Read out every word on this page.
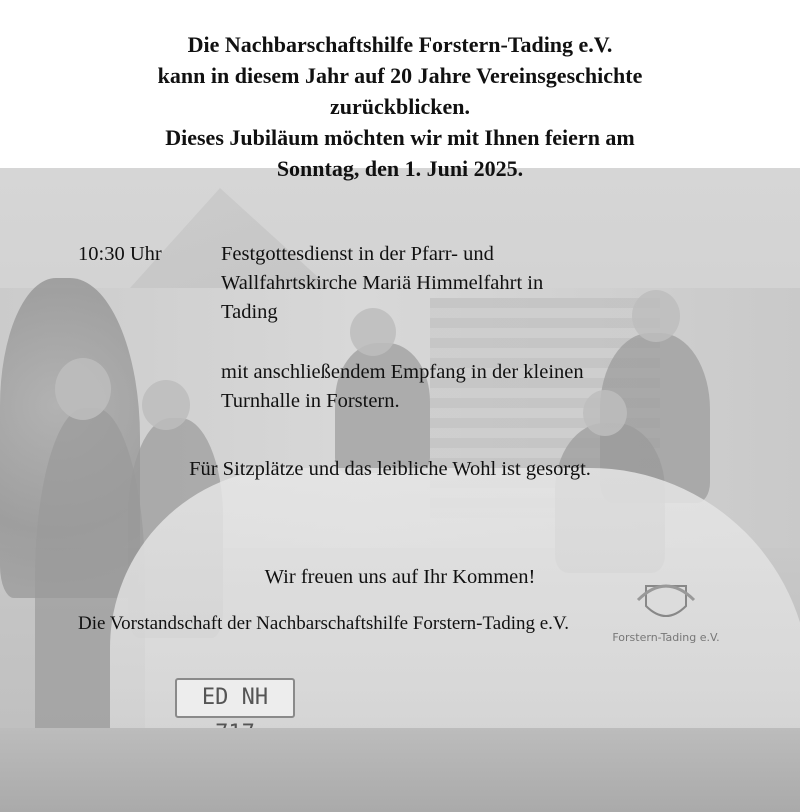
ED NH
Forstern-Tading e.V.
Die Nachbarschaftshilfe Forstern-Tading e.V.
kann in diesem Jahr auf 20 Jahre Vereinsgeschichte
zurückblicken.
Dieses Jubiläum möchten wir mit Ihnen feiern am
Sonntag, den 1. Juni 2025.
10:30 Uhr	Festgottesdienst in der Pfarr- und
Wallfahrtskirche Mariä Himmelfahrt in
Tading
mit anschließendem Empfang in der kleinen
Turnhalle in Forstern.
Für Sitzplätze und das leibliche Wohl ist gesorgt.
Wir freuen uns auf Ihr Kommen!
Die Vorstandschaft der Nachbarschaftshilfe Forstern-Tading e.V.
